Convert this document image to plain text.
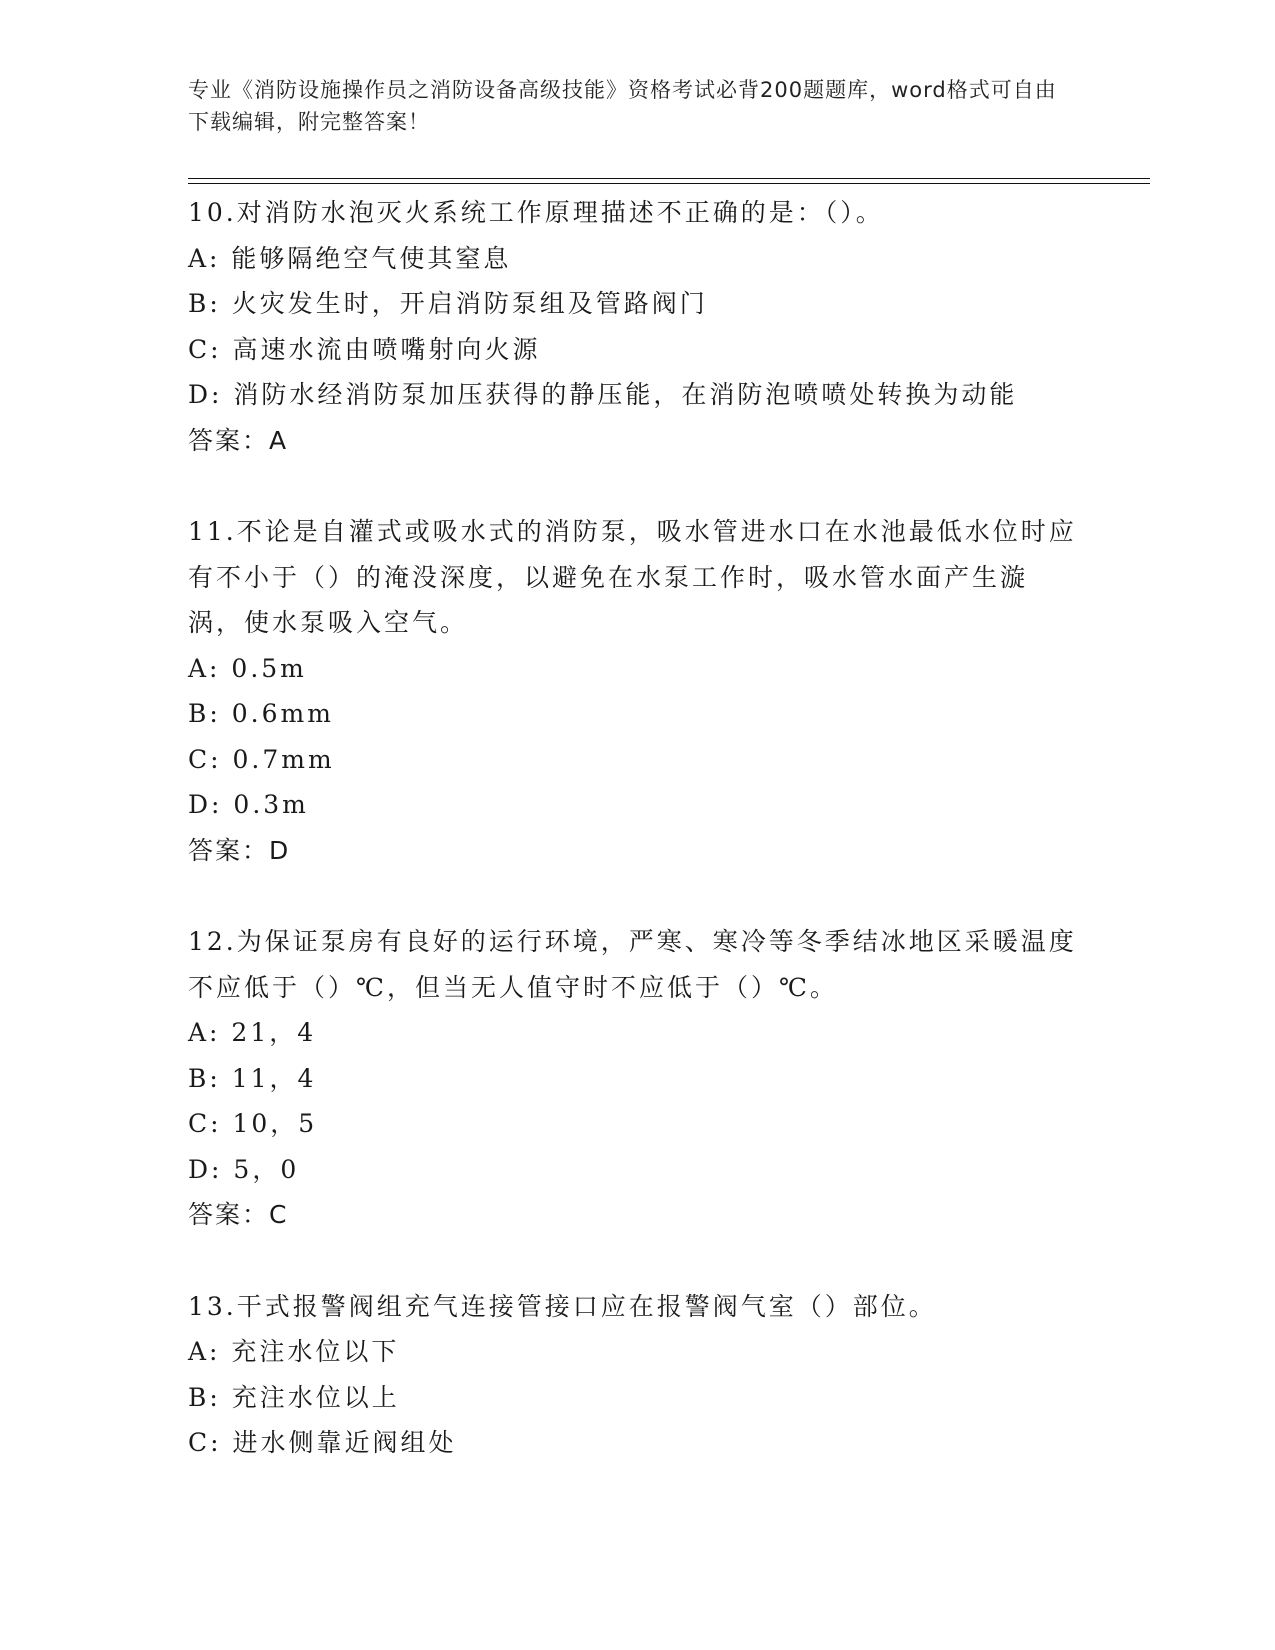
专业《消防设施操作员之消防设备高级技能》资格考试必背200题题库，word格式可自由下载编辑，附完整答案！
10.对消防水泡灭火系统工作原理描述不正确的是：（）。
A: 能够隔绝空气使其窒息
B: 火灾发生时，开启消防泵组及管路阀门
C: 高速水流由喷嘴射向火源
D: 消防水经消防泵加压获得的静压能，在消防泡喷喷处转换为动能
答案：A
11.不论是自灌式或吸水式的消防泵，吸水管进水口在水池最低水位时应有不小于（）的淹没深度，以避免在水泵工作时，吸水管水面产生漩涡，使水泵吸入空气。
A: 0.5m
B: 0.6mm
C: 0.7mm
D: 0.3m
答案：D
12.为保证泵房有良好的运行环境，严寒、寒冷等冬季结冰地区采暖温度不应低于（）℃，但当无人值守时不应低于（）℃。
A: 21，4
B: 11，4
C: 10，5
D: 5，0
答案：C
13.干式报警阀组充气连接管接口应在报警阀气室（）部位。
A: 充注水位以下
B: 充注水位以上
C: 进水侧靠近阀组处
